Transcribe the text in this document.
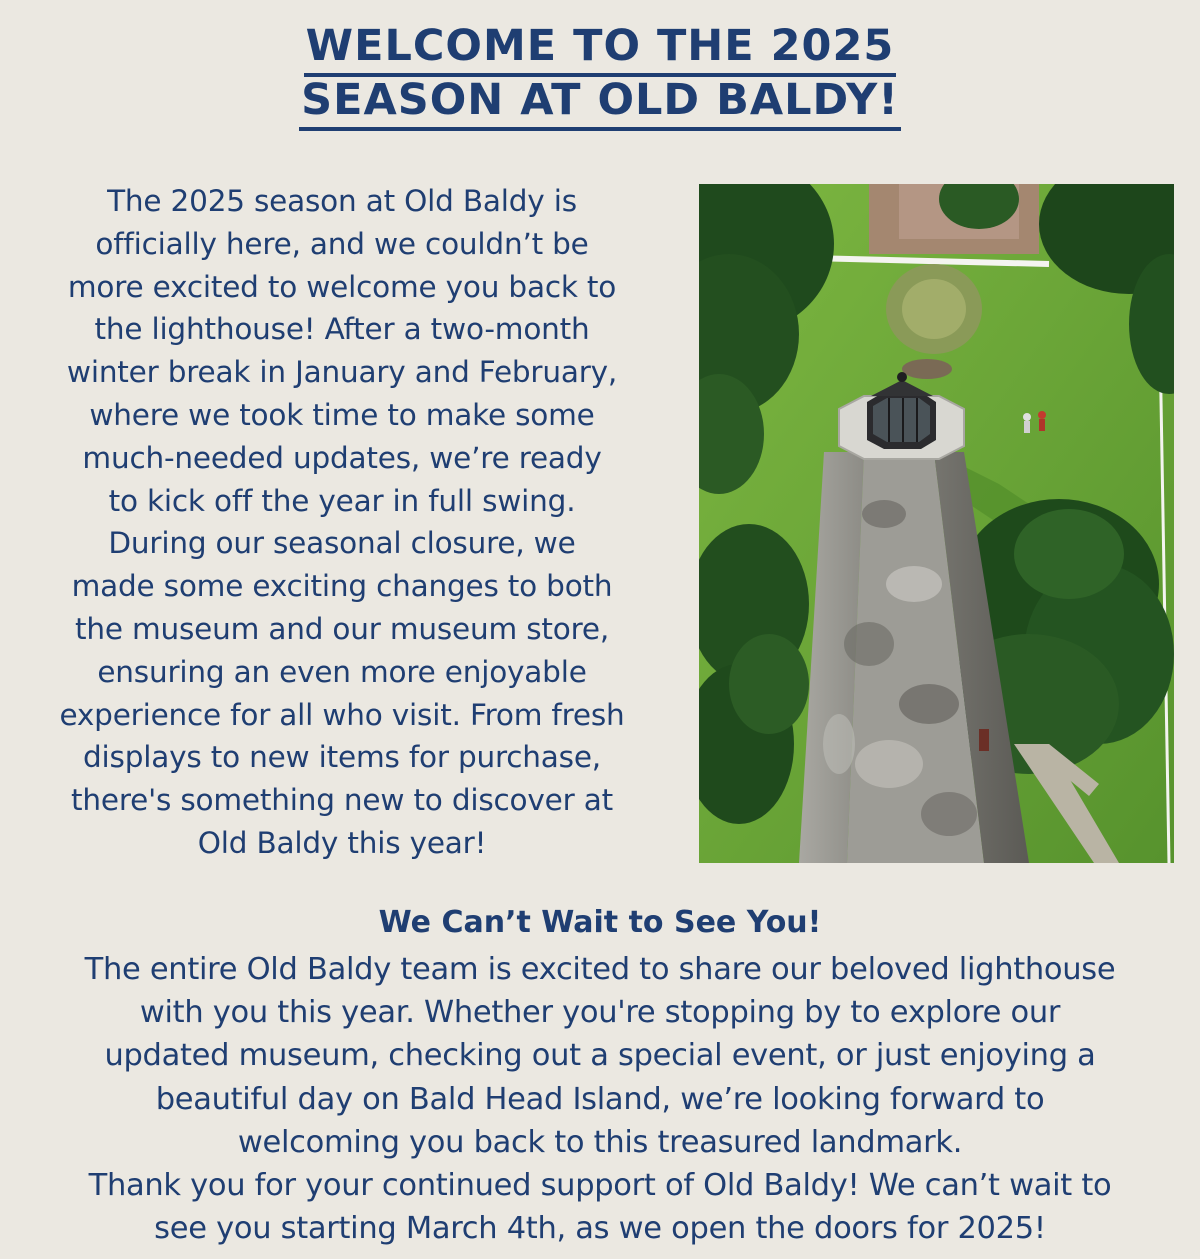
WELCOME TO THE 2025
SEASON AT OLD BALDY!
The 2025 season at Old Baldy is
officially here, and we couldn’t be
more excited to welcome you back to
the lighthouse! After a two-month
winter break in January and February,
where we took time to make some
much-needed updates, we’re ready
to kick off the year in full swing.
During our seasonal closure, we
made some exciting changes to both
the museum and our museum store,
ensuring an even more enjoyable
experience for all who visit. From fresh
displays to new items for purchase,
there's something new to discover at
Old Baldy this year!
We Can’t Wait to See You!
The entire Old Baldy team is excited to share our beloved lighthouse
with you this year. Whether you're stopping by to explore our
updated museum, checking out a special event, or just enjoying a
beautiful day on Bald Head Island, we’re looking forward to
welcoming you back to this treasured landmark.
Thank you for your continued support of Old Baldy! We can’t wait to
see you starting March 4th, as we open the doors for 2025!
